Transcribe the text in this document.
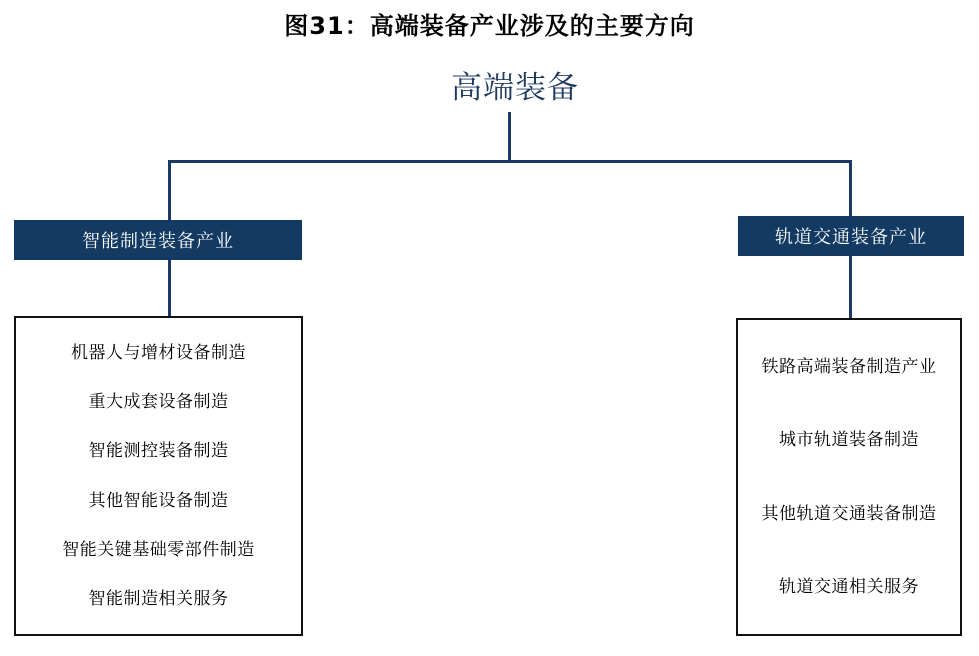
图31：高端装备产业涉及的主要方向
高端装备
智能制造装备产业
机器人与增材设备制造
重大成套设备制造
智能测控装备制造
其他智能设备制造
智能关键基础零部件制造
智能制造相关服务
轨道交通装备产业
铁路高端装备制造产业
城市轨道装备制造
其他轨道交通装备制造
轨道交通相关服务
